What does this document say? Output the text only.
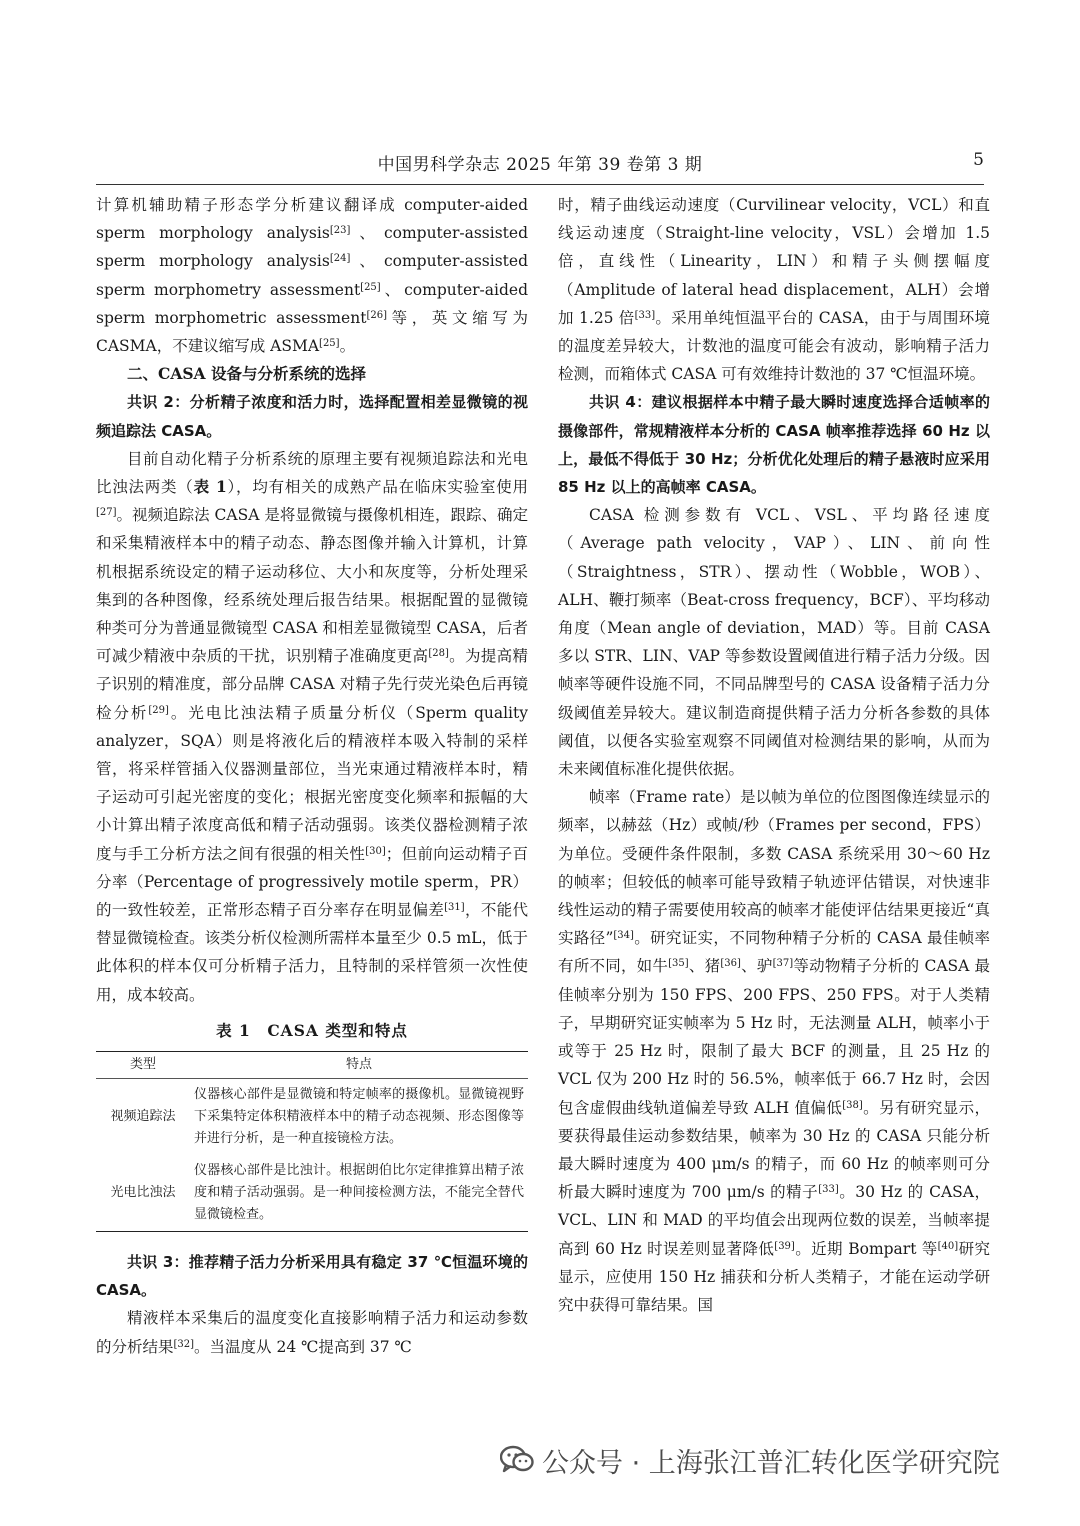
中国男科学杂志 2025 年第 39 卷第 3 期	5

计算机辅助精子形态学分析建议翻译成 computer-aided sperm morphology analysis[23]、computer-assisted sperm morphology analysis[24]、computer-assisted sperm morphometry assessment[25]、computer-aided sperm morphometric assessment[26]等，英文缩写为 CASMA，不建议缩写成 ASMA[25]。

二、CASA 设备与分析系统的选择

共识 2：分析精子浓度和活力时，选择配置相差显微镜的视频追踪法 CASA。

目前自动化精子分析系统的原理主要有视频追踪法和光电比浊法两类（表 1），均有相关的成熟产品在临床实验室使用[27]。视频追踪法 CASA 是将显微镜与摄像机相连，跟踪、确定和采集精液样本中的精子动态、静态图像并输入计算机，计算机根据系统设定的精子运动移位、大小和灰度等，分析处理采集到的各种图像，经系统处理后报告结果。根据配置的显微镜种类可分为普通显微镜型 CASA 和相差显微镜型 CASA，后者可减少精液中杂质的干扰，识别精子准确度更高[28]。为提高精子识别的精准度，部分品牌 CASA 对精子先行荧光染色后再镜检分析[29]。光电比浊法精子质量分析仪（Sperm quality analyzer，SQA）则是将液化后的精液样本吸入特制的采样管，将采样管插入仪器测量部位，当光束通过精液样本时，精子运动可引起光密度的变化；根据光密度变化频率和振幅的大小计算出精子浓度高低和精子活动强弱。该类仪器检测精子浓度与手工分析方法之间有很强的相关性[30]；但前向运动精子百分率（Percentage of progressively motile sperm，PR）的一致性较差，正常形态精子百分率存在明显偏差[31]，不能代替显微镜检查。该类分析仪检测所需样本量至少 0.5 mL，低于此体积的样本仅可分析精子活力，且特制的采样管须一次性使用，成本较高。

表 1　CASA 类型和特点
类型	特点
视频追踪法	仪器核心部件是显微镜和特定帧率的摄像机。显微镜视野下采集特定体积精液样本中的精子动态视频、形态图像等并进行分析，是一种直接镜检方法。
光电比浊法	仪器核心部件是比浊计。根据朗伯比尔定律推算出精子浓度和精子活动强弱。是一种间接检测方法，不能完全替代显微镜检查。

共识 3：推荐精子活力分析采用具有稳定 37 ℃恒温环境的 CASA。

精液样本采集后的温度变化直接影响精子活力和运动参数的分析结果[32]。当温度从 24 ℃提高到 37 ℃

时，精子曲线运动速度（Curvilinear velocity，VCL）和直线运动速度（Straight-line velocity，VSL）会增加 1.5 倍，直线性（Linearity，LIN）和精子头侧摆幅度（Amplitude of lateral head displacement，ALH）会增加 1.25 倍[33]。采用单纯恒温平台的 CASA，由于与周围环境的温度差异较大，计数池的温度可能会有波动，影响精子活力检测，而箱体式 CASA 可有效维持计数池的 37 ℃恒温环境。

共识 4：建议根据样本中精子最大瞬时速度选择合适帧率的摄像部件，常规精液样本分析的 CASA 帧率推荐选择 60 Hz 以上，最低不得低于 30 Hz；分析优化处理后的精子悬液时应采用 85 Hz 以上的高帧率 CASA。

CASA 检测参数有 VCL、VSL、平均路径速度（Average path velocity，VAP）、LIN、前向性（Straightness，STR）、摆动性（Wobble，WOB）、ALH、鞭打频率（Beat-cross frequency，BCF）、平均移动角度（Mean angle of deviation，MAD）等。目前 CASA 多以 STR、LIN、VAP 等参数设置阈值进行精子活力分级。因帧率等硬件设施不同，不同品牌型号的 CASA 设备精子活力分级阈值差异较大。建议制造商提供精子活力分析各参数的具体阈值，以便各实验室观察不同阈值对检测结果的影响，从而为未来阈值标准化提供依据。

帧率（Frame rate）是以帧为单位的位图图像连续显示的频率，以赫兹（Hz）或帧/秒（Frames per second，FPS）为单位。受硬件条件限制，多数 CASA 系统采用 30～60 Hz 的帧率；但较低的帧率可能导致精子轨迹评估错误，对快速非线性运动的精子需要使用较高的帧率才能使评估结果更接近“真实路径”[34]。研究证实，不同物种精子分析的 CASA 最佳帧率有所不同，如牛[35]、猪[36]、驴[37]等动物精子分析的 CASA 最佳帧率分别为 150 FPS、200 FPS、250 FPS。对于人类精子，早期研究证实帧率为 5 Hz 时，无法测量 ALH，帧率小于或等于 25 Hz 时，限制了最大 BCF 的测量，且 25 Hz 的 VCL 仅为 200 Hz 时的 56.5%，帧率低于 66.7 Hz 时，会因包含虚假曲线轨道偏差导致 ALH 值偏低[38]。另有研究显示，要获得最佳运动参数结果，帧率为 30 Hz 的 CASA 只能分析最大瞬时速度为 400 μm/s 的精子，而 60 Hz 的帧率则可分析最大瞬时速度为 700 μm/s 的精子[33]。30 Hz 的 CASA，VCL、LIN 和 MAD 的平均值会出现两位数的误差，当帧率提高到 60 Hz 时误差则显著降低[39]。近期 Bompart 等[40]研究显示，应使用 150 Hz 捕获和分析人类精子，才能在运动学研究中获得可靠结果。国

公众号 · 上海张江普汇转化医学研究院
